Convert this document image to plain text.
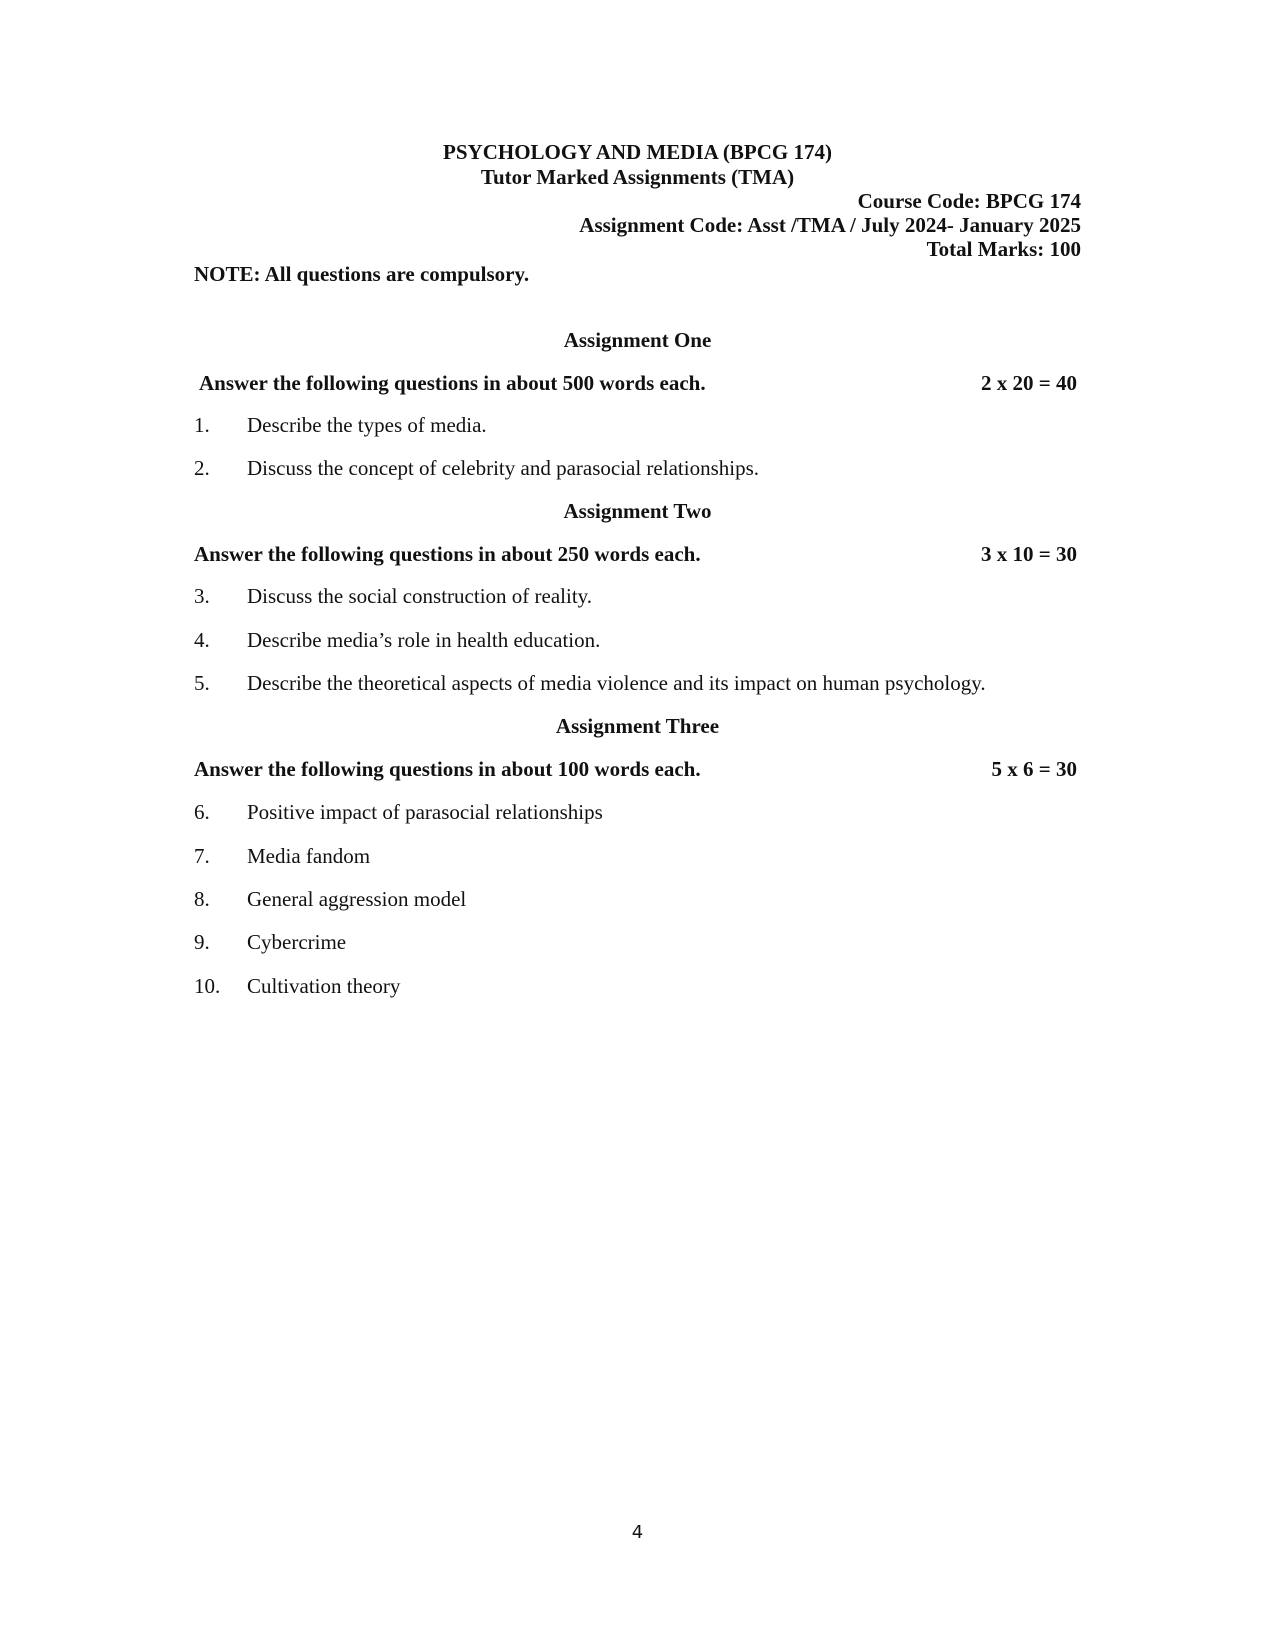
PSYCHOLOGY AND MEDIA (BPCG 174)
Tutor Marked Assignments (TMA)
Course Code: BPCG 174
Assignment Code: Asst /TMA / July 2024- January 2025
Total Marks: 100
NOTE: All questions are compulsory.
Assignment One
Answer the following questions in about 500 words each.	2 x 20 = 40
1. Describe the types of media.
2. Discuss the concept of celebrity and parasocial relationships.
Assignment Two
Answer the following questions in about 250 words each.	3 x 10 = 30
3. Discuss the social construction of reality.
4. Describe media’s role in health education.
5. Describe the theoretical aspects of media violence and its impact on human psychology.
Assignment Three
Answer the following questions in about 100 words each.	5 x 6 = 30
6. Positive impact of parasocial relationships
7. Media fandom
8. General aggression model
9. Cybercrime
10. Cultivation theory
4
